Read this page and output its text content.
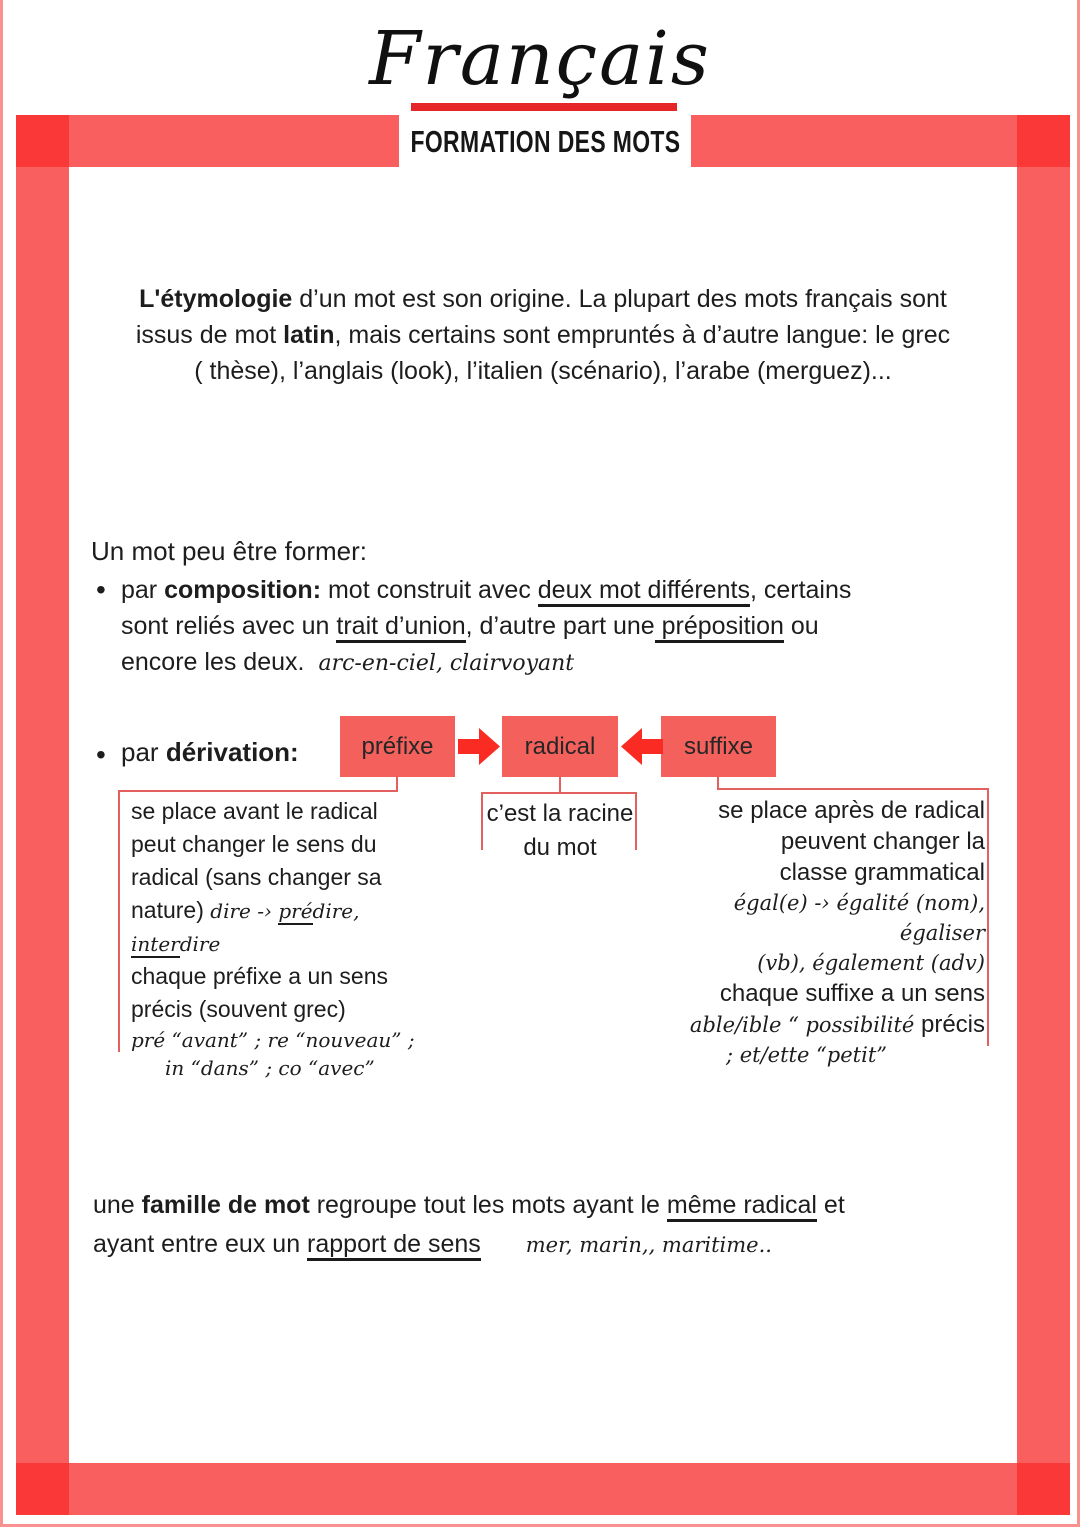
Français
FORMATION DES MOTS
L'étymologie d’un mot est son origine. La plupart des mots français sont
issus de mot latin, mais certains sont empruntés à d’autre langue: le grec
( thèse), l’anglais (look), l’italien (scénario), l’arabe (merguez)...
Un mot peu être former:
• par composition: mot construit avec deux mot différents, certains
sont reliés avec un trait d’union, d’autre part une préposition ou
encore les deux. arc-en-ciel, clairvoyant
• par dérivation:	préfixe	radical	suffixe
se place avant le radical
peut changer le sens du
radical (sans changer sa
nature) dire -› prédire, interdire
chaque préfixe a un sens
précis (souvent grec)
pré “avant” ; re “nouveau” ;
in “dans” ; co “avec”
c’est la racine
du mot
se place après de radical
peuvent changer la
classe grammatical
égal(e) -› égalité (nom), égaliser
(vb), également (adv)
chaque suffixe a un sens
able/ible “ possibilité précis
; et/ette “petit”
une famille de mot regroupe tout les mots ayant le même radical et
ayant entre eux un rapport de sens mer, marin,, maritime..
